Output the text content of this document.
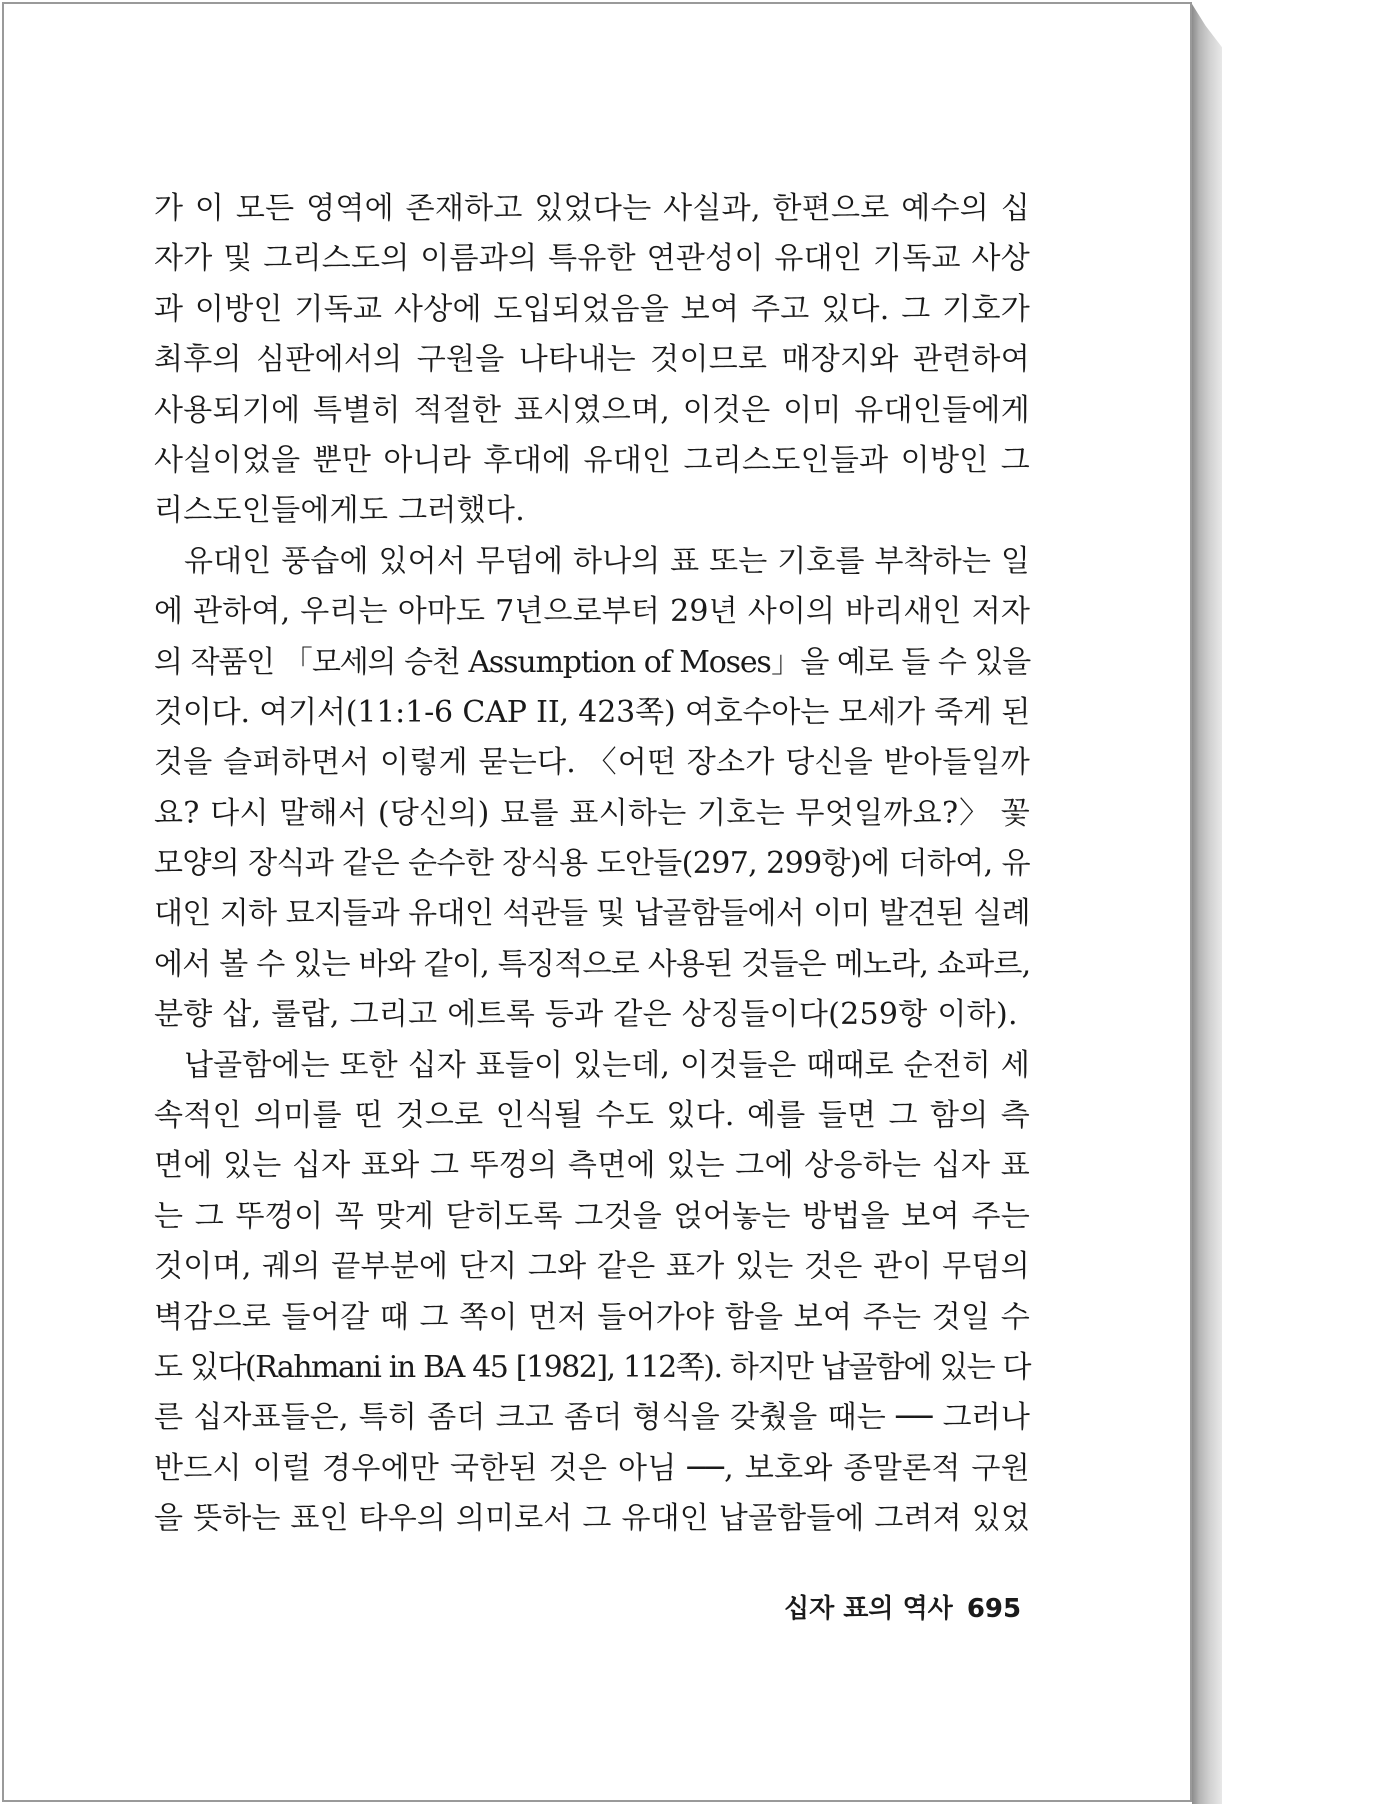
가 이 모든 영역에 존재하고 있었다는 사실과, 한편으로 예수의 십
자가 및 그리스도의 이름과의 특유한 연관성이 유대인 기독교 사상
과 이방인 기독교 사상에 도입되었음을 보여 주고 있다. 그 기호가
최후의 심판에서의 구원을 나타내는 것이므로 매장지와 관련하여
사용되기에 특별히 적절한 표시였으며, 이것은 이미 유대인들에게
사실이었을 뿐만 아니라 후대에 유대인 그리스도인들과 이방인 그
리스도인들에게도 그러했다.
유대인 풍습에 있어서 무덤에 하나의 표 또는 기호를 부착하는 일
에 관하여, 우리는 아마도 7년으로부터 29년 사이의 바리새인 저자
의 작품인 「모세의 승천 Assumption of Moses」을 예로 들 수 있을
것이다. 여기서(11:1-6 CAP II, 423쪽) 여호수아는 모세가 죽게 된
것을 슬퍼하면서 이렇게 묻는다. 〈어떤 장소가 당신을 받아들일까
요? 다시 말해서 (당신의) 묘를 표시하는 기호는 무엇일까요?〉 꽃
모양의 장식과 같은 순수한 장식용 도안들(297, 299항)에 더하여, 유
대인 지하 묘지들과 유대인 석관들 및 납골함들에서 이미 발견된 실례
에서 볼 수 있는 바와 같이, 특징적으로 사용된 것들은 메노라, 쇼파르,
분향 삽, 룰랍, 그리고 에트록 등과 같은 상징들이다(259항 이하).
납골함에는 또한 십자 표들이 있는데, 이것들은 때때로 순전히 세
속적인 의미를 띤 것으로 인식될 수도 있다. 예를 들면 그 함의 측
면에 있는 십자 표와 그 뚜껑의 측면에 있는 그에 상응하는 십자 표
는 그 뚜껑이 꼭 맞게 닫히도록 그것을 얹어놓는 방법을 보여 주는
것이며, 궤의 끝부분에 단지 그와 같은 표가 있는 것은 관이 무덤의
벽감으로 들어갈 때 그 쪽이 먼저 들어가야 함을 보여 주는 것일 수
도 있다(Rahmani in BA 45 [1982], 112쪽). 하지만 납골함에 있는 다
른 십자표들은, 특히 좀더 크고 좀더 형식을 갖췄을 때는 ── 그러나
반드시 이럴 경우에만 국한된 것은 아님 ──, 보호와 종말론적 구원
을 뜻하는 표인 타우의 의미로서 그 유대인 납골함들에 그려져 있었
십자 표의 역사 695
